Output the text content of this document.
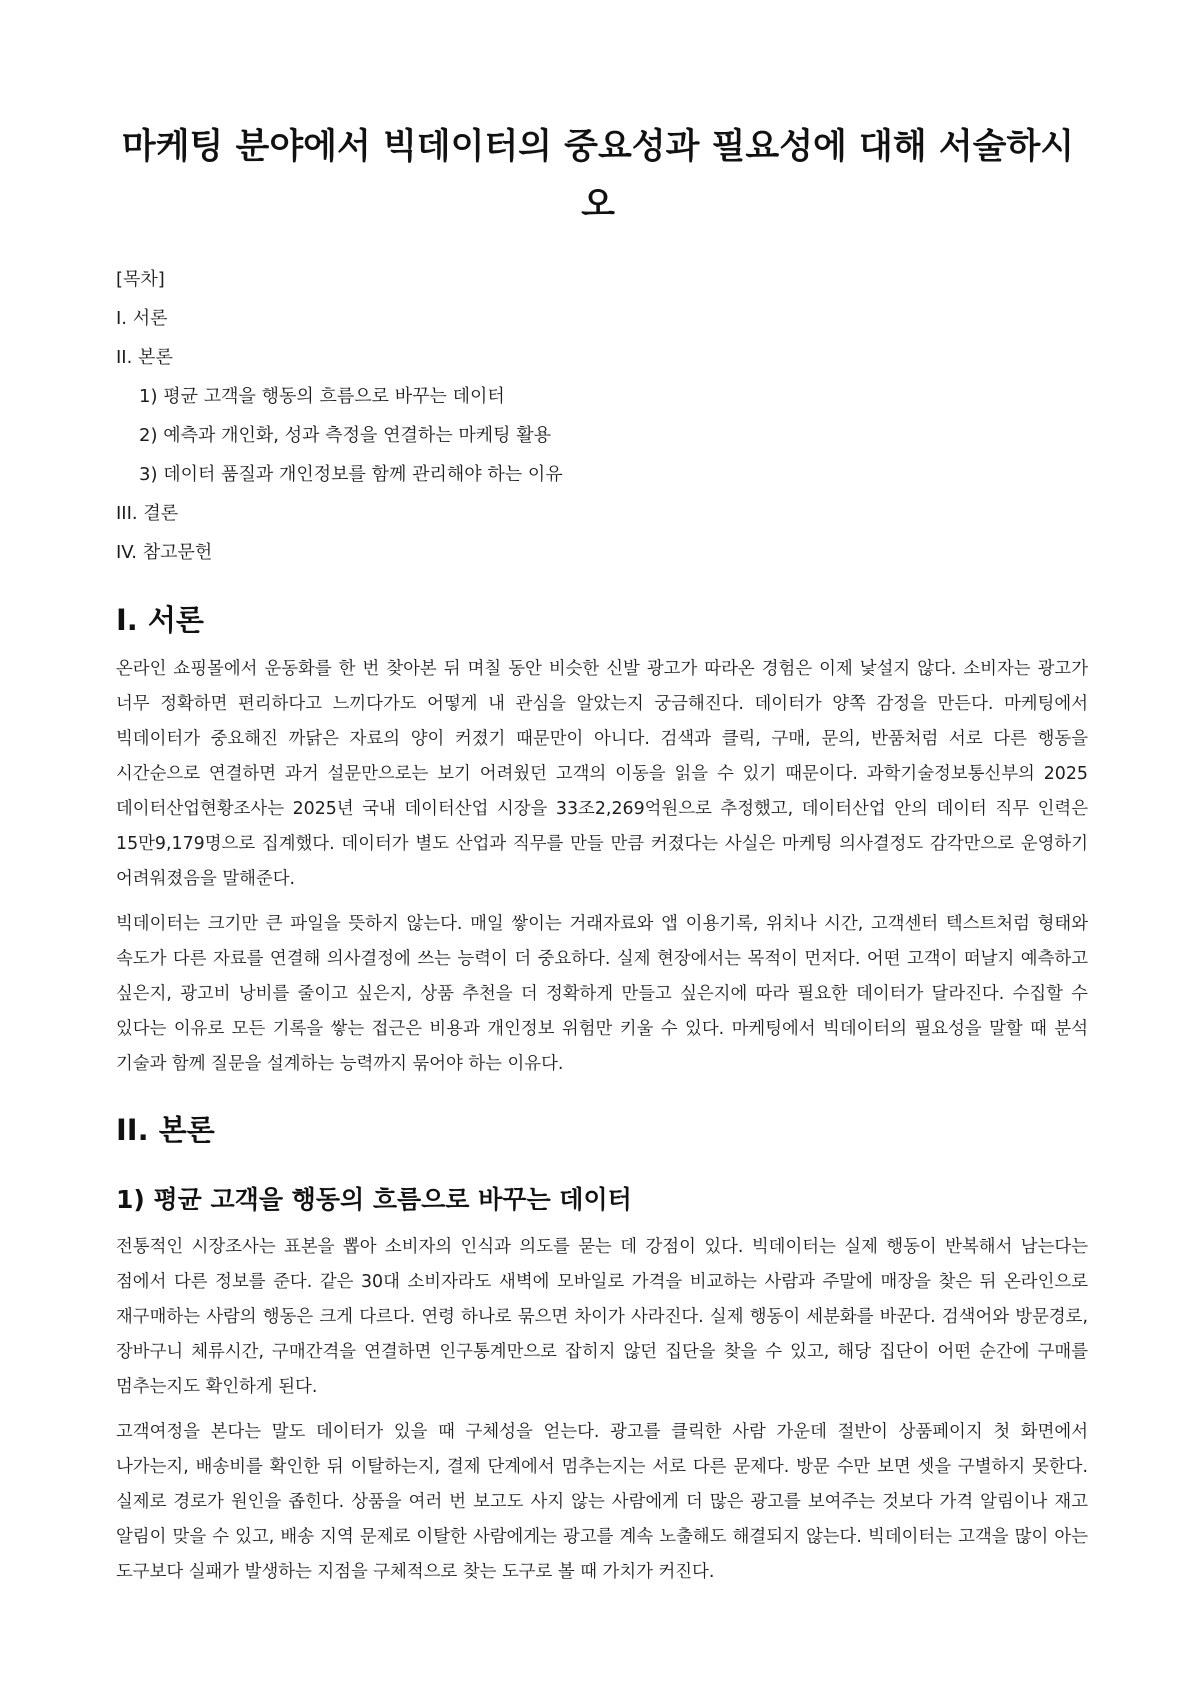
마케팅 분야에서 빅데이터의 중요성과 필요성에 대해 서술하시오
[목차]
I. 서론
II. 본론
1) 평균 고객을 행동의 흐름으로 바꾸는 데이터
2) 예측과 개인화, 성과 측정을 연결하는 마케팅 활용
3) 데이터 품질과 개인정보를 함께 관리해야 하는 이유
III. 결론
IV. 참고문헌
I. 서론

온라인 쇼핑몰에서 운동화를 한 번 찾아본 뒤 며칠 동안 비슷한 신발 광고가 따라온 경험은 이제 낯설지 않다. 소비자는 광고가 너무 정확하면 편리하다고 느끼다가도 어떻게 내 관심을 알았는지 궁금해진다. 데이터가 양쪽 감정을 만든다. 마케팅에서 빅데이터가 중요해진 까닭은 자료의 양이 커졌기 때문만이 아니다. 검색과 클릭, 구매, 문의, 반품처럼 서로 다른 행동을 시간순으로 연결하면 과거 설문만으로는 보기 어려웠던 고객의 이동을 읽을 수 있기 때문이다. 과학기술정보통신부의 2025 데이터산업현황조사는 2025년 국내 데이터산업 시장을 33조2,269억원으로 추정했고, 데이터산업 안의 데이터 직무 인력은 15만9,179명으로 집계했다. 데이터가 별도 산업과 직무를 만들 만큼 커졌다는 사실은 마케팅 의사결정도 감각만으로 운영하기 어려워졌음을 말해준다.

빅데이터는 크기만 큰 파일을 뜻하지 않는다. 매일 쌓이는 거래자료와 앱 이용기록, 위치나 시간, 고객센터 텍스트처럼 형태와 속도가 다른 자료를 연결해 의사결정에 쓰는 능력이 더 중요하다. 실제 현장에서는 목적이 먼저다. 어떤 고객이 떠날지 예측하고 싶은지, 광고비 낭비를 줄이고 싶은지, 상품 추천을 더 정확하게 만들고 싶은지에 따라 필요한 데이터가 달라진다. 수집할 수 있다는 이유로 모든 기록을 쌓는 접근은 비용과 개인정보 위험만 키울 수 있다. 마케팅에서 빅데이터의 필요성을 말할 때 분석 기술과 함께 질문을 설계하는 능력까지 묶어야 하는 이유다.

II. 본론
1) 평균 고객을 행동의 흐름으로 바꾸는 데이터

전통적인 시장조사는 표본을 뽑아 소비자의 인식과 의도를 묻는 데 강점이 있다. 빅데이터는 실제 행동이 반복해서 남는다는 점에서 다른 정보를 준다. 같은 30대 소비자라도 새벽에 모바일로 가격을 비교하는 사람과 주말에 매장을 찾은 뒤 온라인으로 재구매하는 사람의 행동은 크게 다르다. 연령 하나로 묶으면 차이가 사라진다. 실제 행동이 세분화를 바꾼다. 검색어와 방문경로, 장바구니 체류시간, 구매간격을 연결하면 인구통계만으로 잡히지 않던 집단을 찾을 수 있고, 해당 집단이 어떤 순간에 구매를 멈추는지도 확인하게 된다.

고객여정을 본다는 말도 데이터가 있을 때 구체성을 얻는다. 광고를 클릭한 사람 가운데 절반이 상품페이지 첫 화면에서 나가는지, 배송비를 확인한 뒤 이탈하는지, 결제 단계에서 멈추는지는 서로 다른 문제다. 방문 수만 보면 셋을 구별하지 못한다. 실제로 경로가 원인을 좁힌다. 상품을 여러 번 보고도 사지 않는 사람에게 더 많은 광고를 보여주는 것보다 가격 알림이나 재고 알림이 맞을 수 있고, 배송 지역 문제로 이탈한 사람에게는 광고를 계속 노출해도 해결되지 않는다. 빅데이터는 고객을 많이 아는 도구보다 실패가 발생하는 지점을 구체적으로 찾는 도구로 볼 때 가치가 커진다.
